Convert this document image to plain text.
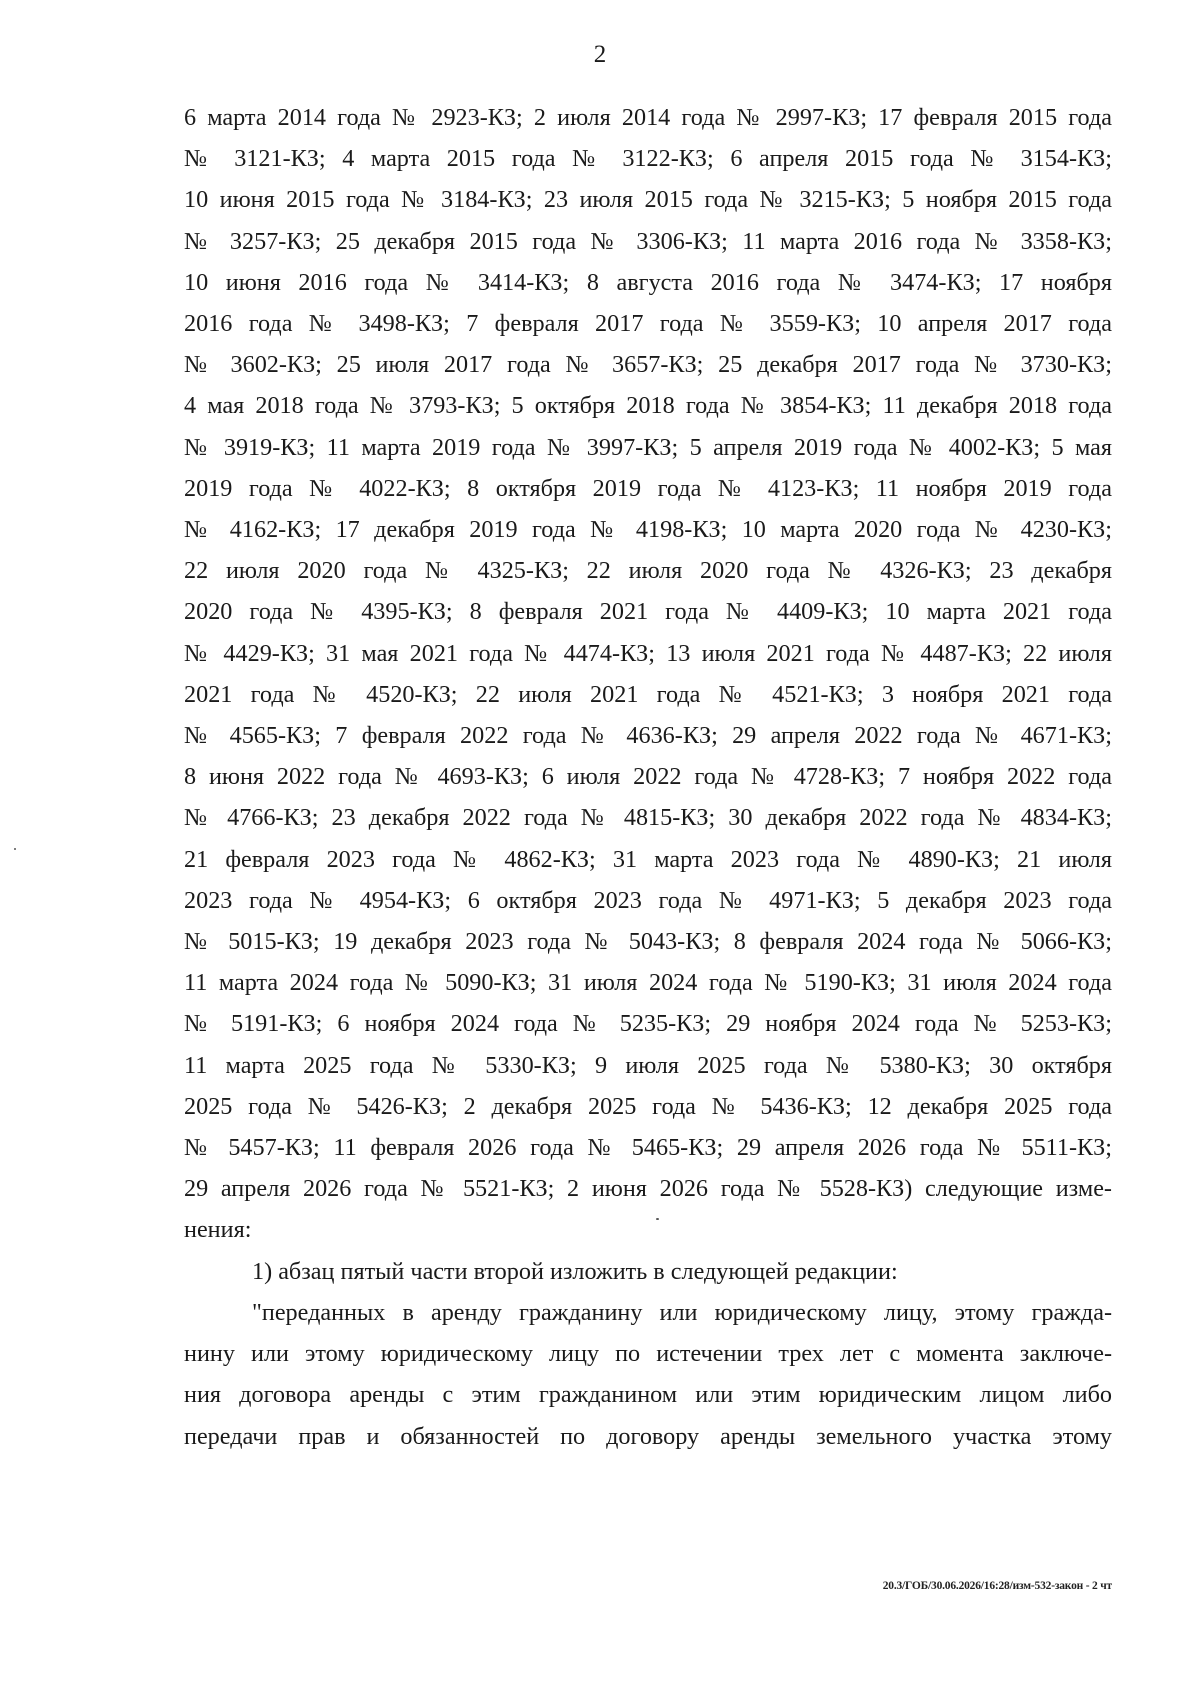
2
6 марта 2014 года № 2923-КЗ; 2 июля 2014 года № 2997-КЗ; 17 февраля 2015 года
№ 3121-КЗ; 4 марта 2015 года № 3122-КЗ; 6 апреля 2015 года № 3154-КЗ;
10 июня 2015 года № 3184-КЗ; 23 июля 2015 года № 3215-КЗ; 5 ноября 2015 года
№ 3257-КЗ; 25 декабря 2015 года № 3306-КЗ; 11 марта 2016 года № 3358-КЗ;
10 июня 2016 года № 3414-КЗ; 8 августа 2016 года № 3474-КЗ; 17 ноября
2016 года № 3498-КЗ; 7 февраля 2017 года № 3559-КЗ; 10 апреля 2017 года
№ 3602-КЗ; 25 июля 2017 года № 3657-КЗ; 25 декабря 2017 года № 3730-КЗ;
4 мая 2018 года № 3793-КЗ; 5 октября 2018 года № 3854-КЗ; 11 декабря 2018 года
№ 3919-КЗ; 11 марта 2019 года № 3997-КЗ; 5 апреля 2019 года № 4002-КЗ; 5 мая
2019 года № 4022-КЗ; 8 октября 2019 года № 4123-КЗ; 11 ноября 2019 года
№ 4162-КЗ; 17 декабря 2019 года № 4198-КЗ; 10 марта 2020 года № 4230-КЗ;
22 июля 2020 года № 4325-КЗ; 22 июля 2020 года № 4326-КЗ; 23 декабря
2020 года № 4395-КЗ; 8 февраля 2021 года № 4409-КЗ; 10 марта 2021 года
№ 4429-КЗ; 31 мая 2021 года № 4474-КЗ; 13 июля 2021 года № 4487-КЗ; 22 июля
2021 года № 4520-КЗ; 22 июля 2021 года № 4521-КЗ; 3 ноября 2021 года
№ 4565-КЗ; 7 февраля 2022 года № 4636-КЗ; 29 апреля 2022 года № 4671-КЗ;
8 июня 2022 года № 4693-КЗ; 6 июля 2022 года № 4728-КЗ; 7 ноября 2022 года
№ 4766-КЗ; 23 декабря 2022 года № 4815-КЗ; 30 декабря 2022 года № 4834-КЗ;
21 февраля 2023 года № 4862-КЗ; 31 марта 2023 года № 4890-КЗ; 21 июля
2023 года № 4954-КЗ; 6 октября 2023 года № 4971-КЗ; 5 декабря 2023 года
№ 5015-КЗ; 19 декабря 2023 года № 5043-КЗ; 8 февраля 2024 года № 5066-КЗ;
11 марта 2024 года № 5090-КЗ; 31 июля 2024 года № 5190-КЗ; 31 июля 2024 года
№ 5191-КЗ; 6 ноября 2024 года № 5235-КЗ; 29 ноября 2024 года № 5253-КЗ;
11 марта 2025 года № 5330-КЗ; 9 июля 2025 года № 5380-КЗ; 30 октября
2025 года № 5426-КЗ; 2 декабря 2025 года № 5436-КЗ; 12 декабря 2025 года
№ 5457-КЗ; 11 февраля 2026 года № 5465-КЗ; 29 апреля 2026 года № 5511-КЗ;
29 апреля 2026 года № 5521-КЗ; 2 июня 2026 года № 5528-КЗ) следующие изме-
нения:
1) абзац пятый части второй изложить в следующей редакции:
"переданных в аренду гражданину или юридическому лицу, этому гражда-
нину или этому юридическому лицу по истечении трех лет с момента заключе-
ния договора аренды с этим гражданином или этим юридическим лицом либо
передачи прав и обязанностей по договору аренды земельного участка этому
20.3/ГОБ/30.06.2026/16:28/изм-532-закон - 2 чт
